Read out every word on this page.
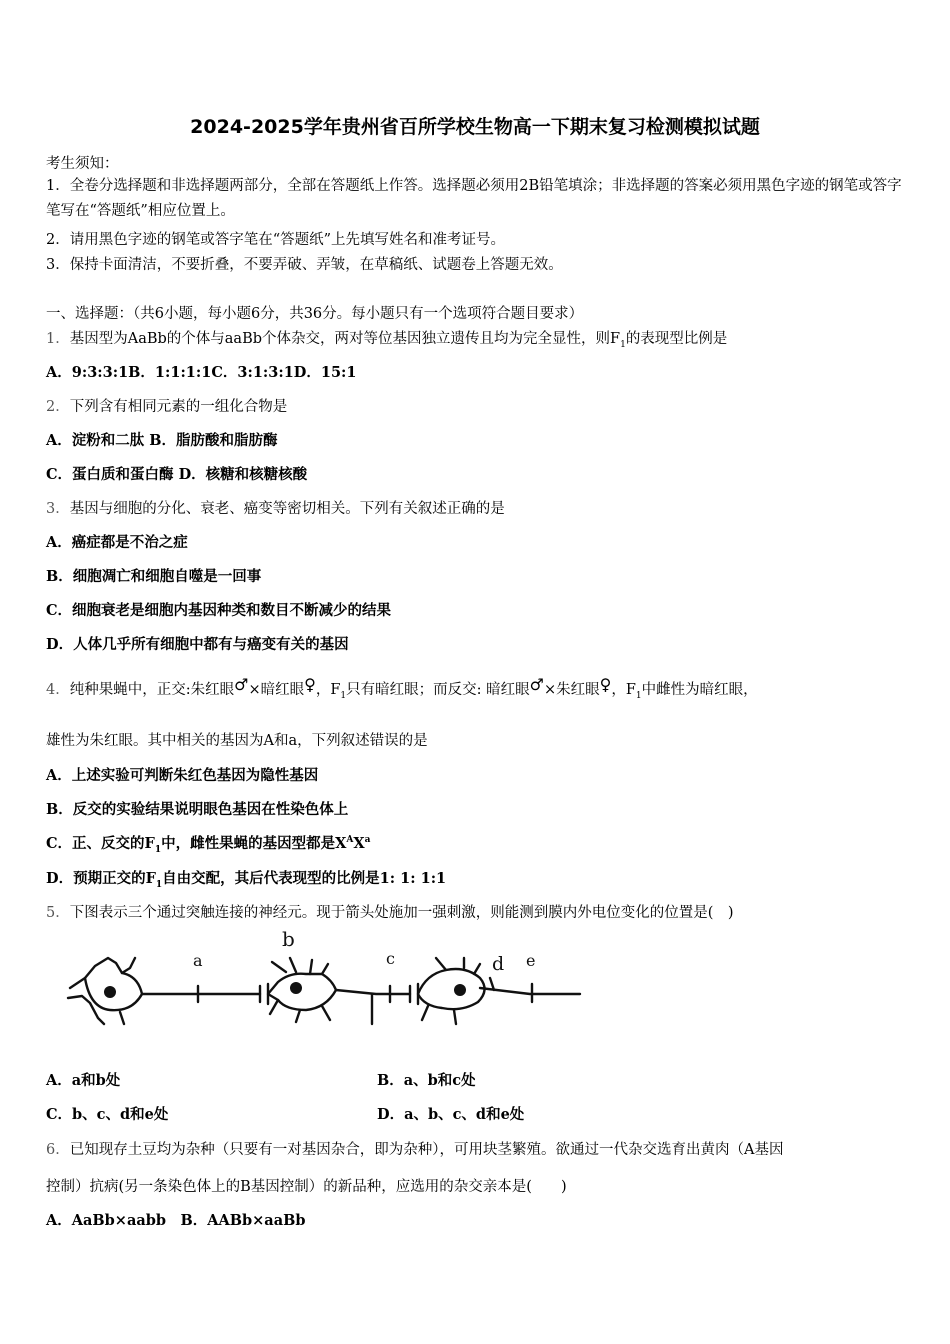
2024-2025学年贵州省百所学校生物高一下期末复习检测模拟试题
考生须知：
1．全卷分选择题和非选择题两部分，全部在答题纸上作答。选择题必须用2B铅笔填涂；非选择题的答案必须用黑色字迹的钢笔或答字笔写在“答题纸”相应位置上。
2．请用黑色字迹的钢笔或答字笔在“答题纸”上先填写姓名和准考证号。
3．保持卡面清洁，不要折叠，不要弄破、弄皱，在草稿纸、试题卷上答题无效。
一、选择题：（共6小题，每小题6分，共36分。每小题只有一个选项符合题目要求）
1．基因型为AaBb的个体与aaBb个体杂交，两对等位基因独立遗传且均为完全显性，则$F_1$的表现型比例是
A．9:3:3:1B．1:1:1:1C．3:1:3:1D．15:1
2．下列含有相同元素的一组化合物是
A．淀粉和二肽 B．脂肪酸和脂肪酶
C．蛋白质和蛋白酶 D．核糖和核糖核酸
3．基因与细胞的分化、衰老、癌变等密切相关。下列有关叙述正确的是
A．癌症都是不治之症
B．细胞凋亡和细胞自噬是一回事
C．细胞衰老是细胞内基因种类和数目不断减少的结果
D．人体几乎所有细胞中都有与癌变有关的基因
4．纯种果蝇中，正交:朱红眼♂×暗红眼♀，$F_1$只有暗红眼；而反交: 暗红眼♂×朱红眼♀，$F_1$中雌性为暗红眼，
雄性为朱红眼。其中相关的基因为A和a，下列叙述错误的是
A．上述实验可判断朱红色基因为隐性基因
B．反交的实验结果说明眼色基因在性染色体上
C．正、反交的$F_1$中，雌性果蝇的基因型都是$X^AX^a$
D．预期正交的$F_1$自由交配，其后代表现型的比例是1: 1: 1:1
5．下图表示三个通过突触连接的神经元。现于箭头处施加一强刺激，则能测到膜内外电位变化的位置是(　)
a
b
c	d e
A．a和b处	B．a、b和c处
C．b、c、d和e处	D．a、b、c、d和e处
6．已知现存土豆均为杂种（只要有一对基因杂合，即为杂种），可用块茎繁殖。欲通过一代杂交选育出黄肉（A基因
控制）抗病(另一条染色体上的B基因控制）的新品种，应选用的杂交亲本是(　　)
A．AaBb×aabb　B．AABb×aaBb
